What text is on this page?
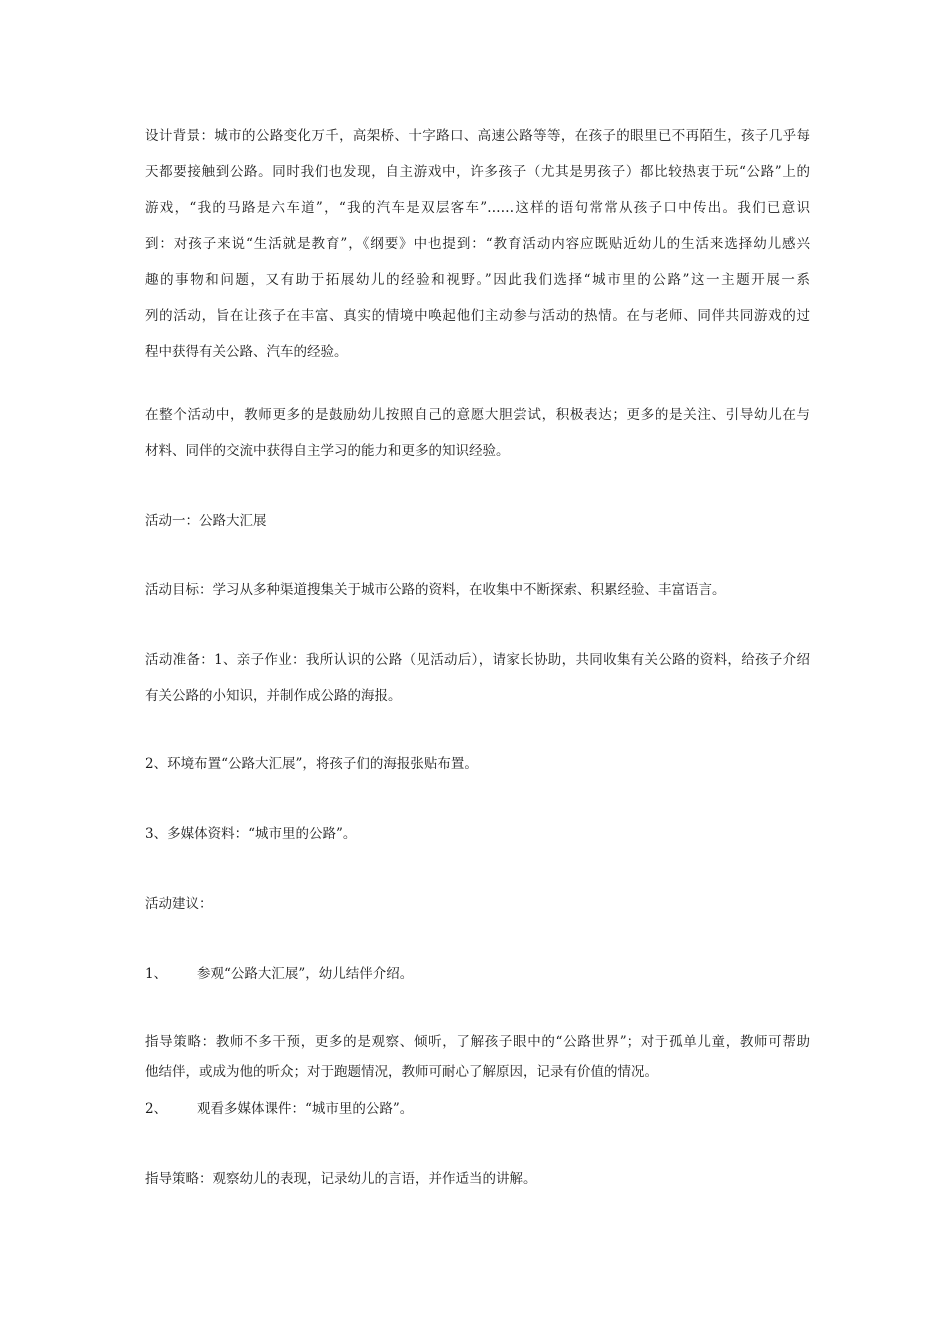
设计背景：城市的公路变化万千，高架桥、十字路口、高速公路等等，在孩子的眼里已不再陌生，孩子几乎每
天都要接触到公路。同时我们也发现，自主游戏中，许多孩子（尤其是男孩子）都比较热衷于玩“公路”上的
游戏，“我的马路是六车道”，“我的汽车是双层客车”……这样的语句常常从孩子口中传出。我们已意识
到：对孩子来说“生活就是教育”，《纲要》中也提到：“教育活动内容应既贴近幼儿的生活来选择幼儿感兴
趣的事物和问题，又有助于拓展幼儿的经验和视野。”因此我们选择“城市里的公路”这一主题开展一系
列的活动，旨在让孩子在丰富、真实的情境中唤起他们主动参与活动的热情。在与老师、同伴共同游戏的过
程中获得有关公路、汽车的经验。

在整个活动中，教师更多的是鼓励幼儿按照自己的意愿大胆尝试，积极表达；更多的是关注、引导幼儿在与
材料、同伴的交流中获得自主学习的能力和更多的知识经验。

活动一：公路大汇展

活动目标：学习从多种渠道搜集关于城市公路的资料，在收集中不断探索、积累经验、丰富语言。

活动准备：1、亲子作业：我所认识的公路（见活动后），请家长协助，共同收集有关公路的资料，给孩子介绍
有关公路的小知识，并制作成公路的海报。

2、环境布置“公路大汇展”，将孩子们的海报张贴布置。

3、多媒体资料：“城市里的公路”。

活动建议：

1、 参观“公路大汇展”，幼儿结伴介绍。

指导策略：教师不多干预，更多的是观察、倾听，了解孩子眼中的“公路世界”；对于孤单儿童，教师可帮助
他结伴，或成为他的听众；对于跑题情况，教师可耐心了解原因，记录有价值的情况。

2、 观看多媒体课件：“城市里的公路”。

指导策略：观察幼儿的表现，记录幼儿的言语，并作适当的讲解。
